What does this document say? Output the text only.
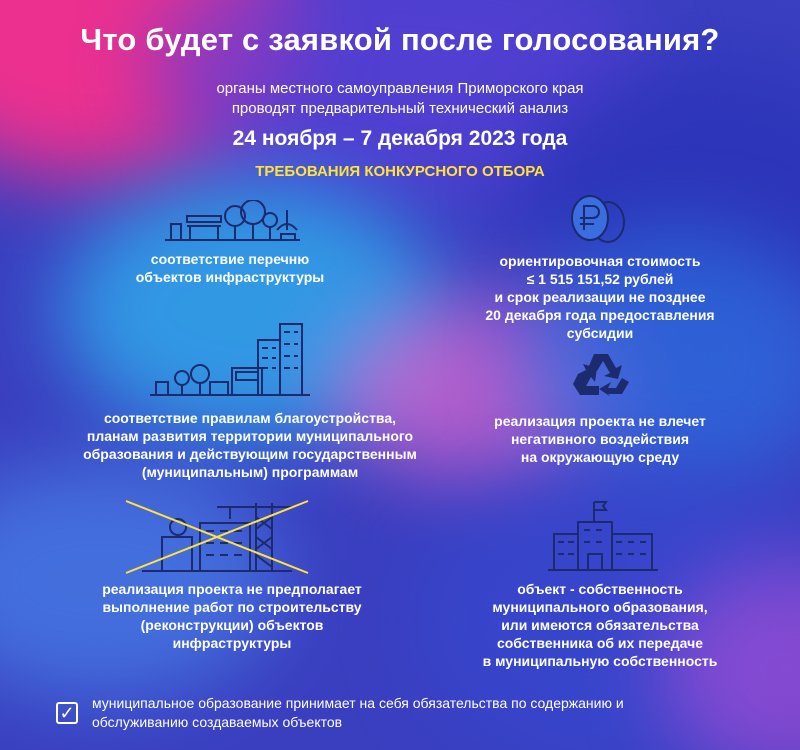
Что будет с заявкой после голосования?
органы местного самоуправления Приморского края
проводят предварительный технический анализ
24 ноября – 7 декабря 2023 года
ТРЕБОВАНИЯ КОНКУРСНОГО ОТБОРА
соответствие перечню
объектов инфраструктуры
ориентировочная стоимость
≤ 1 515 151,52 рублей
и срок реализации не позднее
20 декабря года предоставления
субсидии
соответствие правилам благоустройства,
планам развития территории муниципального
образования и действующим государственным
(муниципальным) программам
реализация проекта не влечет
негативного воздействия
на окружающую среду
реализация проекта не предполагает
выполнение работ по строительству
(реконструкции) объектов
инфраструктуры
объект - собственность
муниципального образования,
или имеются обязательства
собственника об их передаче
в муниципальную собственность
✓ муниципальное образование принимает на себя обязательства по содержанию и
обслуживанию создаваемых объектов
